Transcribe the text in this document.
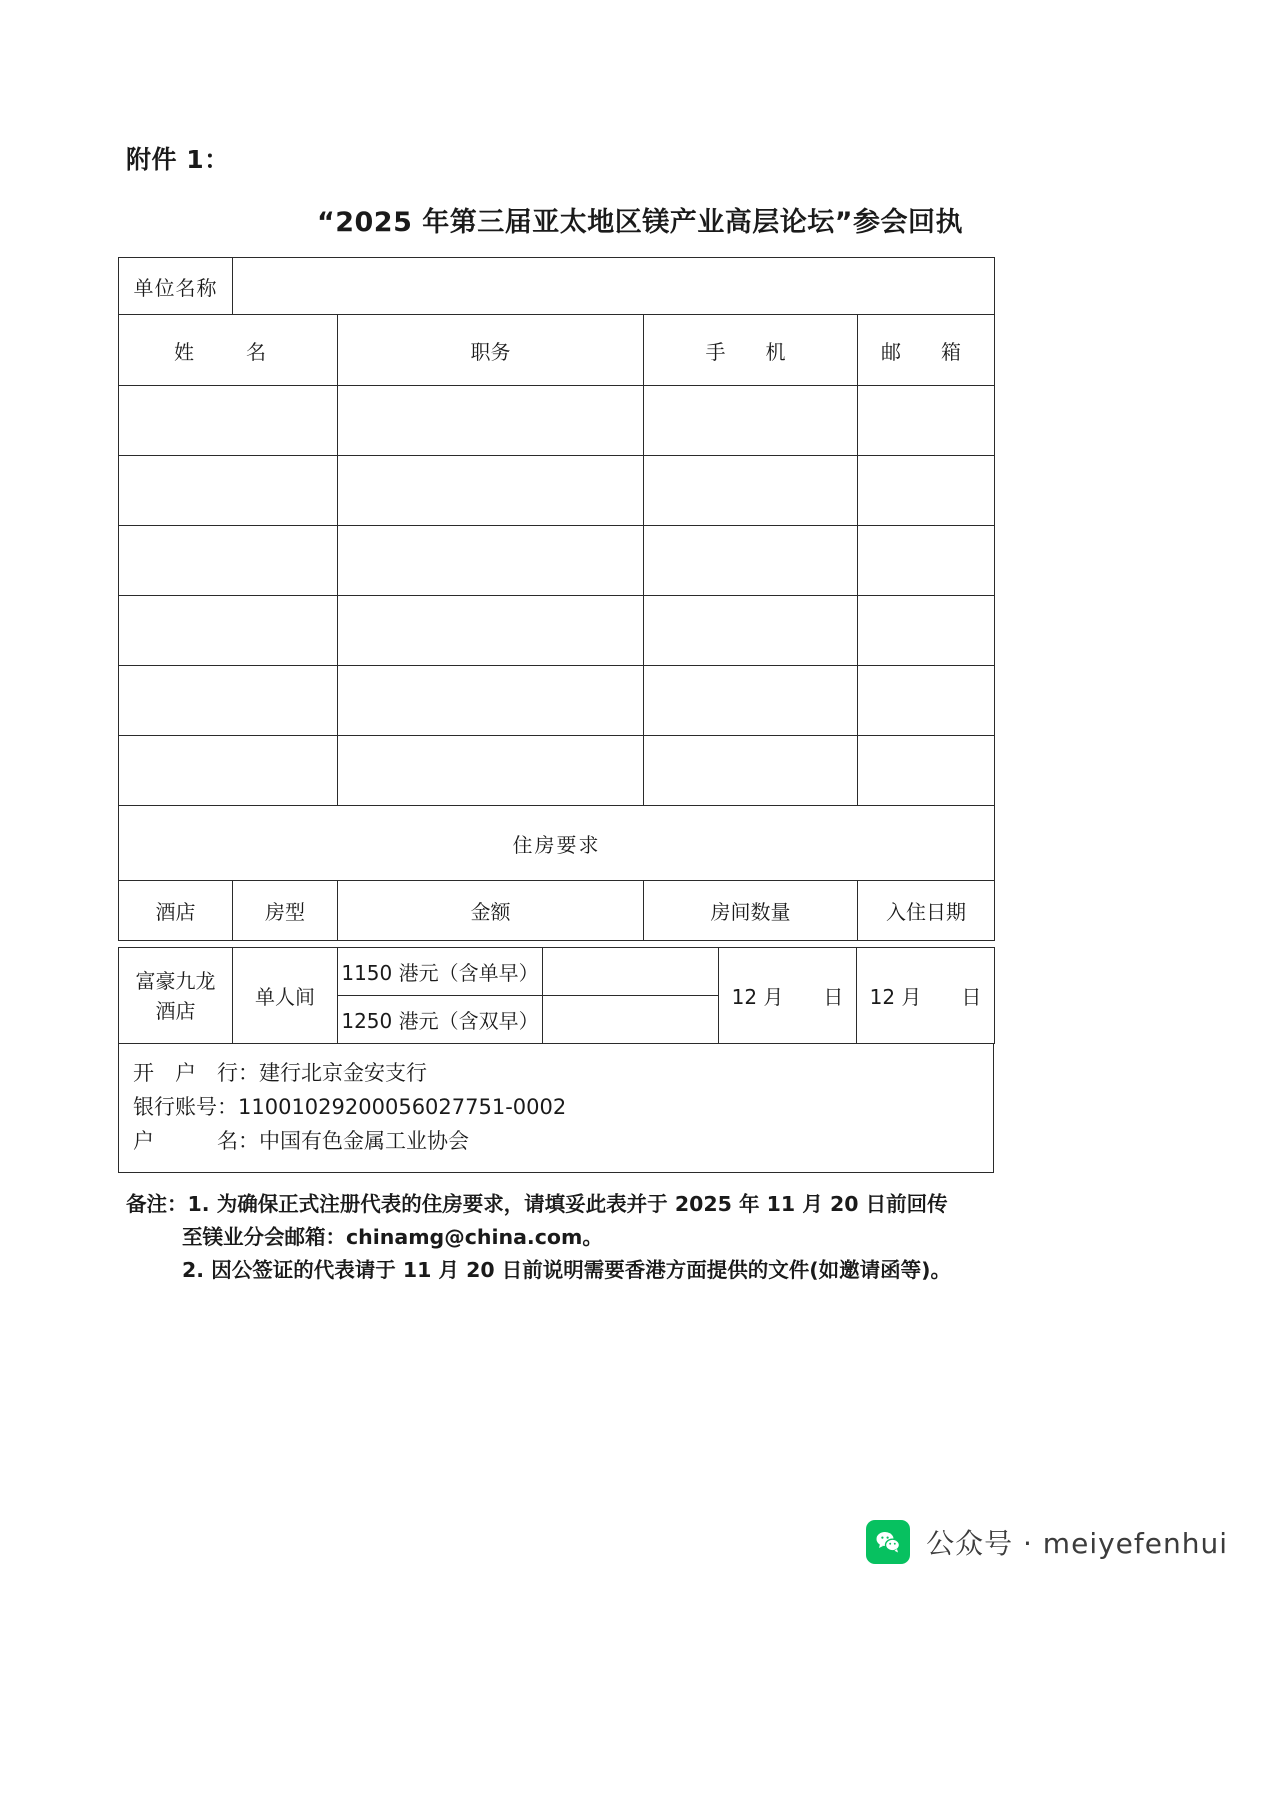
附件 1：
“2025 年第三届亚太地区镁产业高层论坛”参会回执
单位名称				
姓　名		职务	手　机	邮　箱

住房要求				
酒店	房型	金额	房间数量	入住日期
富豪九龙
酒店	单人间	1150 港元（含单早）		12 月　　日	12 月　　日
		1250 港元（含双早）			
开　户　行：建行北京金安支行
银行账号：11001029200056027751-0002
户　　　名：中国有色金属工业协会
备注：1. 为确保正式注册代表的住房要求，请填妥此表并于 2025 年 11 月 20 日前回传
至镁业分会邮箱：chinamg@china.com。
2. 因公签证的代表请于 11 月 20 日前说明需要香港方面提供的文件(如邀请函等)。
公众号 · meiyefenhui
